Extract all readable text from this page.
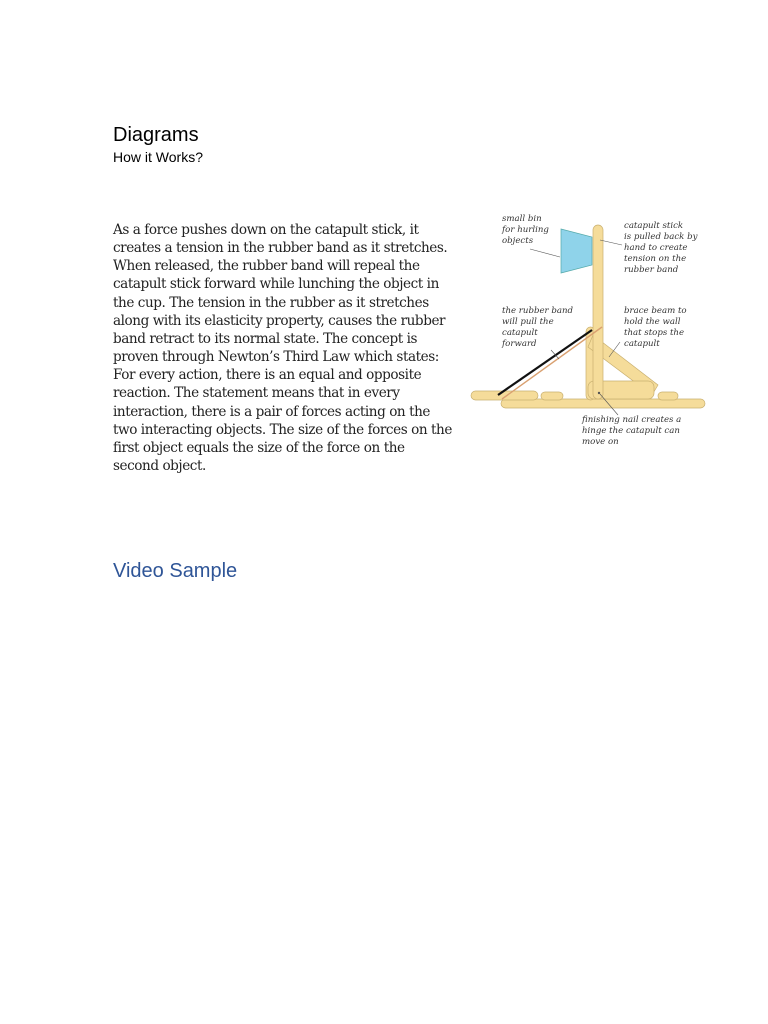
Diagrams
How it Works?
As a force pushes down on the catapult stick, it
creates a tension in the rubber band as it stretches.
When released, the rubber band will repeal the
catapult stick forward while lunching the object in
the cup. The tension in the rubber as it stretches
along with its elasticity property, causes the rubber
band retract to its normal state. The concept is
proven through Newton’s Third Law which states:
For every action, there is an equal and opposite
reaction. The statement means that in every
interaction, there is a pair of forces acting on the
two interacting objects. The size of the forces on the
first object equals the size of the force on the
second object.
small bin for hurling objects
catapult stick is pulled back by hand to create tension on the rubber band
the rubber band will pull the catapult forward
brace beam to hold the wall that stops the catapult
finishing nail creates a hinge the catapult can move on
Video Sample
